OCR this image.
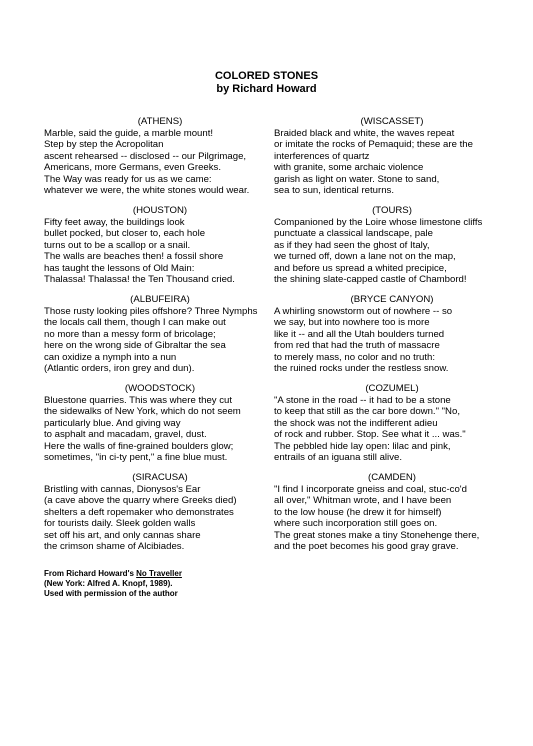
COLORED STONES
by Richard Howard
(ATHENS)
Marble, said the guide, a marble mount!
Step by step the Acropolitan
ascent rehearsed -- disclosed -- our Pilgrimage,
Americans, more Germans, even Greeks.
The Way was ready for us as we came:
whatever we were, the white stones would wear.
(HOUSTON)
Fifty feet away, the buildings look
bullet pocked, but closer to, each hole
turns out to be a scallop or a snail.
The walls are beaches then! a fossil shore
has taught the lessons of Old Main:
Thalassa! Thalassa! the Ten Thousand cried.
(ALBUFEIRA)
Those rusty looking piles offshore? Three Nymphs
the locals call them, though I can make out
no more than a messy form of bricolage;
here on the wrong side of Gibraltar the sea
can oxidize a nymph into a nun
(Atlantic orders, iron grey and dun).
(WOODSTOCK)
Bluestone quarries. This was where they cut
the sidewalks of New York, which do not seem
particularly blue. And giving way
to asphalt and macadam, gravel, dust.
Here the walls of fine-grained boulders glow;
sometimes, "in ci-ty pent," a fine blue must.
(SIRACUSA)
Bristling with cannas, Dionysos's Ear
(a cave above the quarry where Greeks died)
shelters a deft ropemaker who demonstrates
for tourists daily. Sleek golden walls
set off his art, and only cannas share
the crimson shame of Alcibiades.
(WISCASSET)
Braided black and white, the waves repeat
or imitate the rocks of Pemaquid; these are the
interferences of quartz
with granite, some archaic violence
garish as light on water. Stone to sand,
sea to sun, identical returns.
(TOURS)
Companioned by the Loire whose limestone cliffs
punctuate a classical landscape, pale
as if they had seen the ghost of Italy,
we turned off, down a lane not on the map,
and before us spread a whited precipice,
the shining slate-capped castle of Chambord!
(BRYCE CANYON)
A whirling snowstorm out of nowhere -- so
we say, but into nowhere too is more
like it -- and all the Utah boulders turned
from red that had the truth of massacre
to merely mass, no color and no truth:
the ruined rocks under the restless snow.
(COZUMEL)
"A stone in the road -- it had to be a stone
to keep that still as the car bore down." "No,
the shock was not the indifferent adieu
of rock and rubber. Stop. See what it ... was."
The pebbled hide lay open: lilac and pink,
entrails of an iguana still alive.
(CAMDEN)
"I find I incorporate gneiss and coal, stuc-co'd
all over," Whitman wrote, and I have been
to the low house (he drew it for himself)
where such incorporation still goes on.
The great stones make a tiny Stonehenge there,
and the poet becomes his good gray grave.
From Richard Howard's No Traveller
(New York: Alfred A. Knopf, 1989).
Used with permission of the author
